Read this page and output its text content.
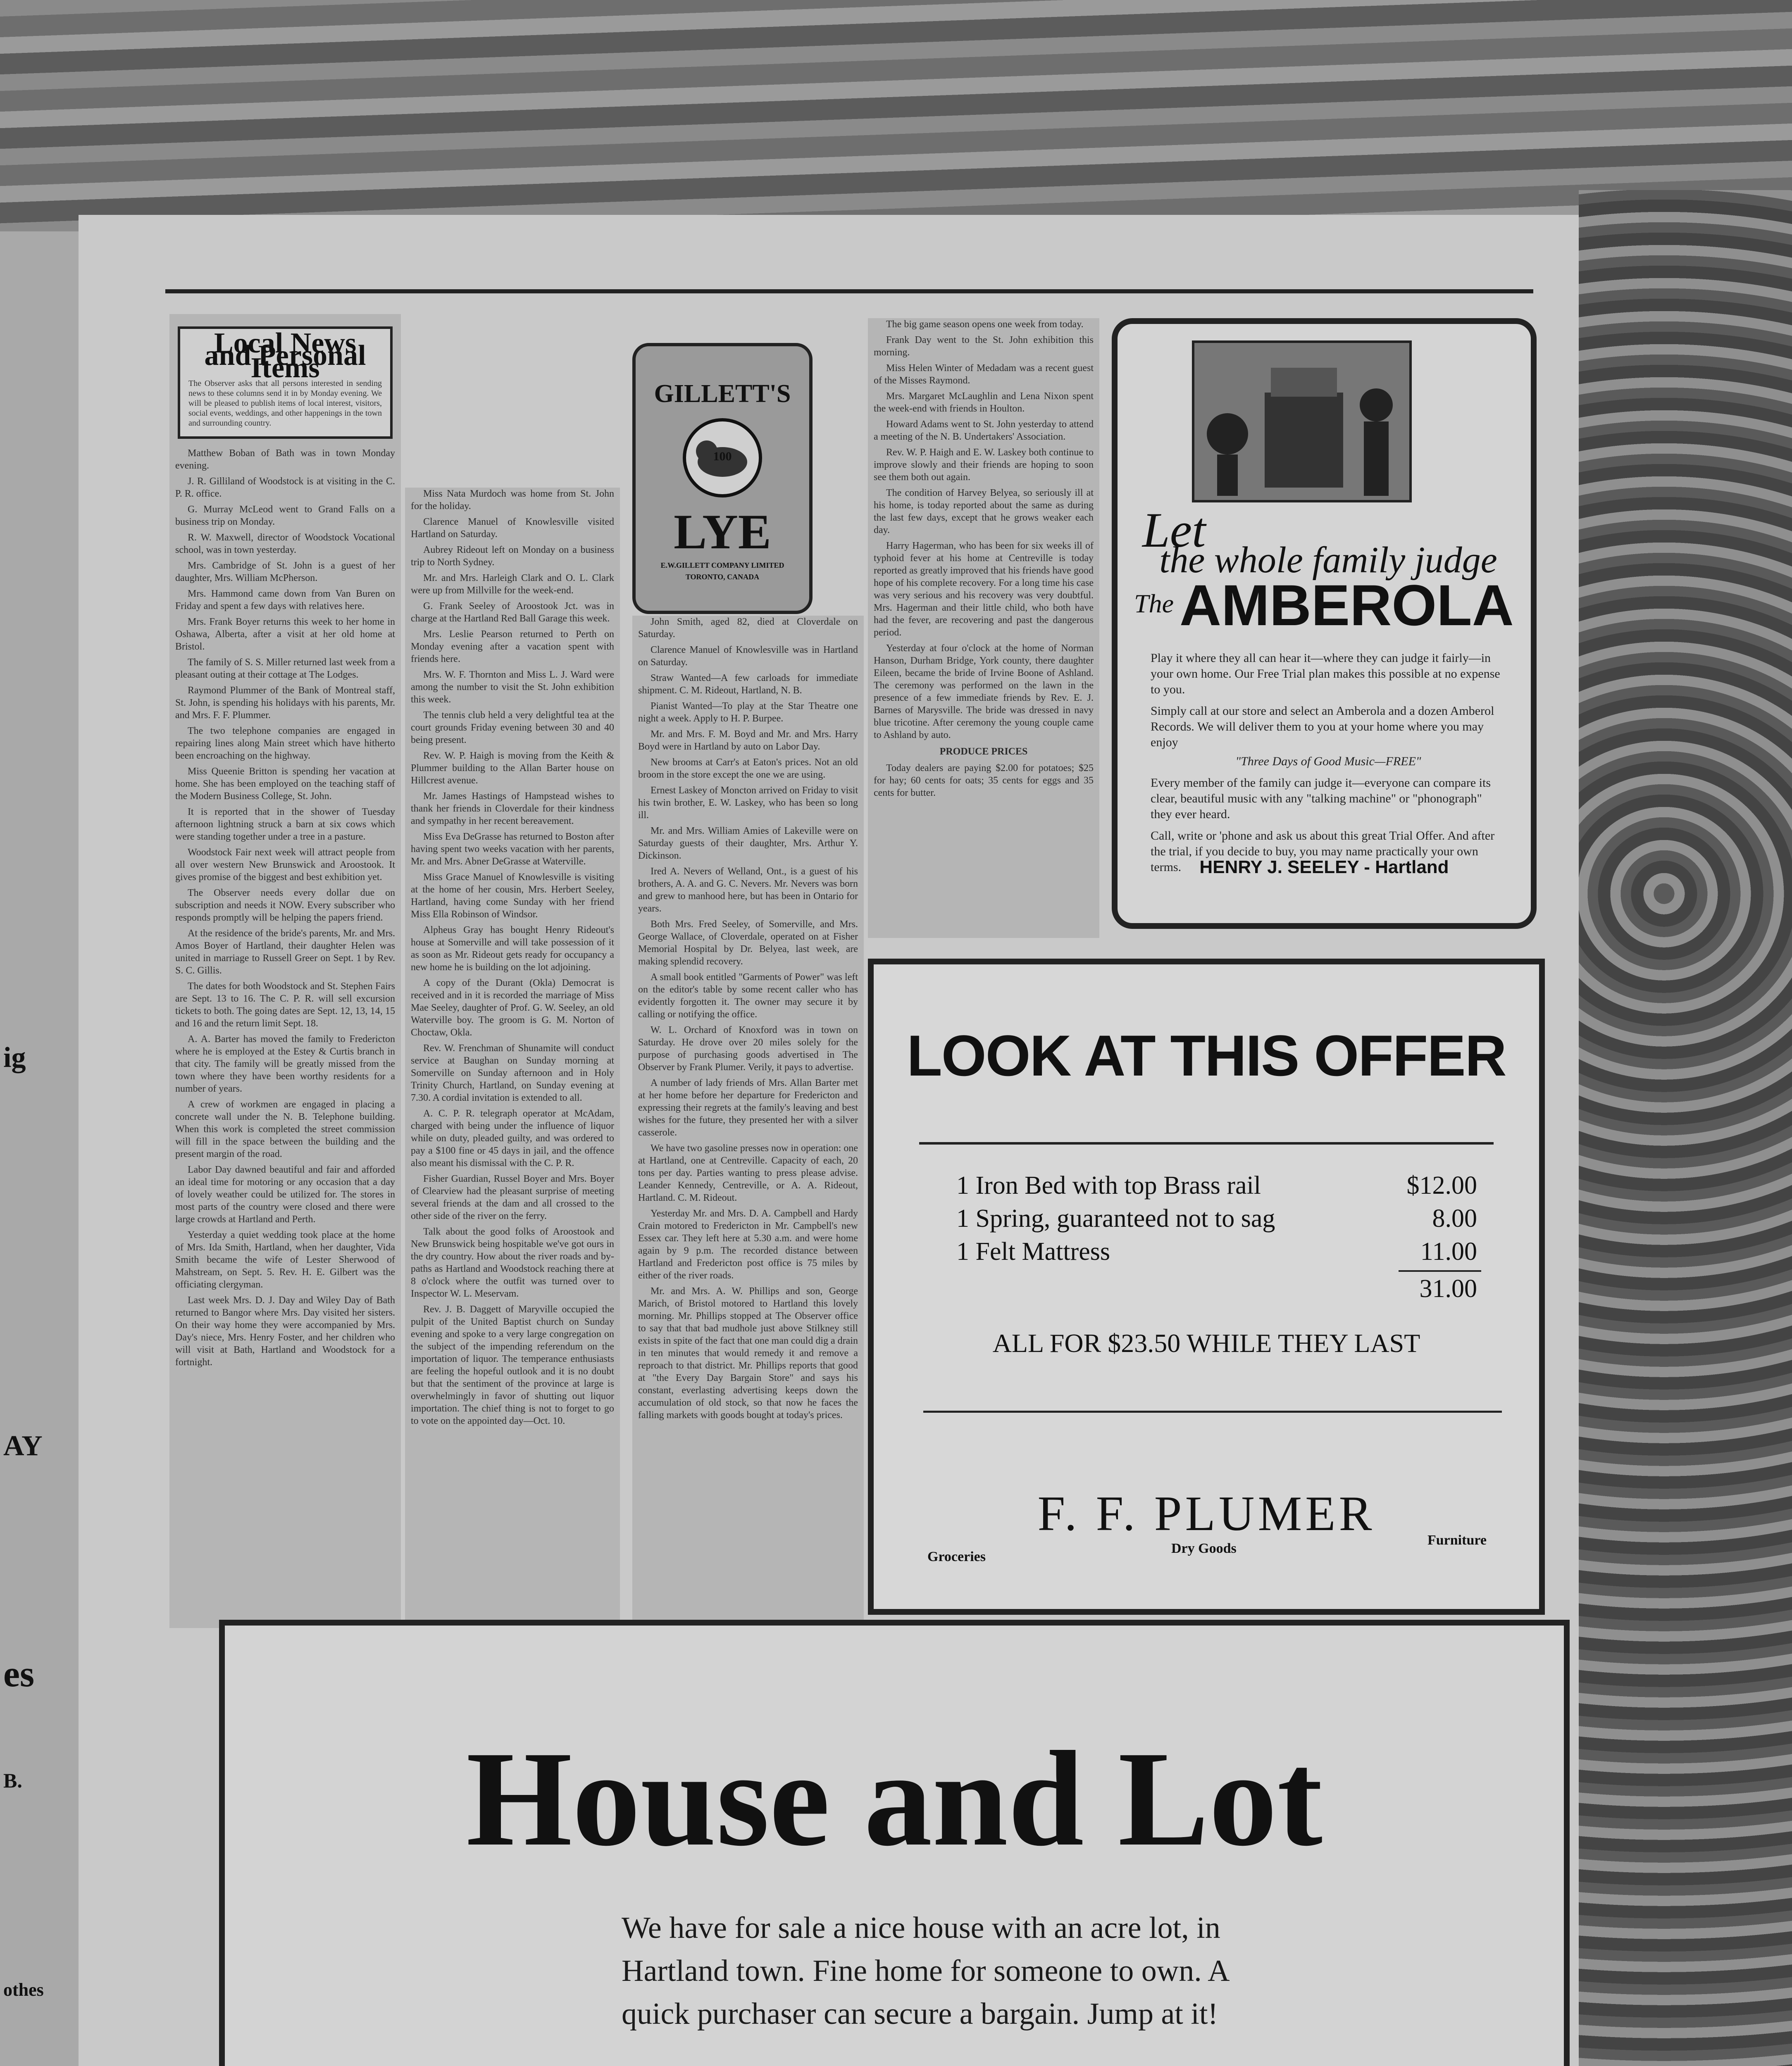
ig
AY
es
B.
othes
Local News and Personal Items
The Observer asks that all persons interested in sending news to these columns send it in by Monday evening. We will be pleased to publish items of local interest, visitors, social events, weddings, and other happenings in the town and surrounding country.

Matthew Boban of Bath was in town Monday evening.

J. R. Gilliland of Woodstock is at visiting in the C. P. R. office.

G. Murray McLeod went to Grand Falls on a business trip on Monday.

R. W. Maxwell, director of Woodstock Vocational school, was in town yesterday.

Mrs. Cambridge of St. John is a guest of her daughter, Mrs. William McPherson.

Mrs. Hammond came down from Van Buren on Friday and spent a few days with relatives here.

Mrs. Frank Boyer returns this week to her home in Oshawa, Alberta, after a visit at her old home at Bristol.

The family of S. S. Miller returned last week from a pleasant outing at their cottage at The Lodges.

Raymond Plummer of the Bank of Montreal staff, St. John, is spending his holidays with his parents, Mr. and Mrs. F. F. Plummer.

The two telephone companies are engaged in repairing lines along Main street which have hitherto been encroaching on the highway.

Miss Queenie Britton is spending her vacation at home. She has been employed on the teaching staff of the Modern Business College, St. John.

It is reported that in the shower of Tuesday afternoon lightning struck a barn at six cows which were standing together under a tree in a pasture.

Woodstock Fair next week will attract people from all over western New Brunswick and Aroostook. It gives promise of the biggest and best exhibition yet.

The Observer needs every dollar due on subscription and needs it NOW. Every subscriber who responds promptly will be helping the papers friend.

At the residence of the bride's parents, Mr. and Mrs. Amos Boyer of Hartland, their daughter Helen was united in marriage to Russell Greer on Sept. 1 by Rev. S. C. Gillis.

The dates for both Woodstock and St. Stephen Fairs are Sept. 13 to 16. The C. P. R. will sell excursion tickets to both. The going dates are Sept. 12, 13, 14, 15 and 16 and the return limit Sept. 18.

A. A. Barter has moved the family to Fredericton where he is employed at the Estey & Curtis branch in that city. The family will be greatly missed from the town where they have been worthy residents for a number of years.

A crew of workmen are engaged in placing a concrete wall under the N. B. Telephone building. When this work is completed the street commission will fill in the space between the building and the present margin of the road.

Labor Day dawned beautiful and fair and afforded an ideal time for motoring or any occasion that a day of lovely weather could be utilized for. The stores in most parts of the country were closed and there were large crowds at Hartland and Perth.

Yesterday a quiet wedding took place at the home of Mrs. Ida Smith, Hartland, when her daughter, Vida Smith became the wife of Lester Sherwood of Mahstream, on Sept. 5. Rev. H. E. Gilbert was the officiating clergyman.

Last week Mrs. D. J. Day and Wiley Day of Bath returned to Bangor where Mrs. Day visited her sisters. On their way home they were accompanied by Mrs. Day's niece, Mrs. Henry Foster, and her children who will visit at Bath, Hartland and Woodstock for a fortnight.

Miss Nata Murdoch was home from St. John for the holiday.

Clarence Manuel of Knowlesville visited Hartland on Saturday.

Aubrey Rideout left on Monday on a business trip to North Sydney.

Mr. and Mrs. Harleigh Clark and O. L. Clark were up from Millville for the week-end.

G. Frank Seeley of Aroostook Jct. was in charge at the Hartland Red Ball Garage this week.

Mrs. Leslie Pearson returned to Perth on Monday evening after a vacation spent with friends here.

Mrs. W. F. Thornton and Miss L. J. Ward were among the number to visit the St. John exhibition this week.

The tennis club held a very delightful tea at the court grounds Friday evening between 30 and 40 being present.

Rev. W. P. Haigh is moving from the Keith & Plummer building to the Allan Barter house on Hillcrest avenue.

Mr. James Hastings of Hampstead wishes to thank her friends in Cloverdale for their kindness and sympathy in her recent bereavement.

Miss Eva DeGrasse has returned to Boston after having spent two weeks vacation with her parents, Mr. and Mrs. Abner DeGrasse at Waterville.

Miss Grace Manuel of Knowlesville is visiting at the home of her cousin, Mrs. Herbert Seeley, Hartland, having come Sunday with her friend Miss Ella Robinson of Windsor.

Alpheus Gray has bought Henry Rideout's house at Somerville and will take possession of it as soon as Mr. Rideout gets ready for occupancy a new home he is building on the lot adjoining.

A copy of the Durant (Okla) Democrat is received and in it is recorded the marriage of Miss Mae Seeley, daughter of Prof. G. W. Seeley, an old Waterville boy. The groom is G. M. Norton of Choctaw, Okla.

Rev. W. Frenchman of Shunamite will conduct service at Baughan on Sunday morning at Somerville on Sunday afternoon and in Holy Trinity Church, Hartland, on Sunday evening at 7.30. A cordial invitation is extended to all.

A. C. P. R. telegraph operator at McAdam, charged with being under the influence of liquor while on duty, pleaded guilty, and was ordered to pay a $100 fine or 45 days in jail, and the offence also meant his dismissal with the C. P. R.

Fisher Guardian, Russel Boyer and Mrs. Boyer of Clearview had the pleasant surprise of meeting several friends at the dam and all crossed to the other side of the river on the ferry.

Talk about the good folks of Aroostook and New Brunswick being hospitable we've got ours in the dry country. How about the river roads and by-paths as Hartland and Woodstock reaching there at 8 o'clock where the outfit was turned over to Inspector W. L. Meservam.

Rev. J. B. Daggett of Maryville occupied the pulpit of the United Baptist church on Sunday evening and spoke to a very large congregation on the subject of the impending referendum on the importation of liquor. The temperance enthusiasts are feeling the hopeful outlook and it is no doubt but that the sentiment of the province at large is overwhelmingly in favor of shutting out liquor importation. The chief thing is not to forget to go to vote on the appointed day—Oct. 10.

GILLETT'S
100
LYE
E.W.GILLETT COMPANY LIMITED
TORONTO, CANADA

John Smith, aged 82, died at Cloverdale on Saturday.

Clarence Manuel of Knowlesville was in Hartland on Saturday.

Straw Wanted—A few carloads for immediate shipment. C. M. Rideout, Hartland, N. B.

Pianist Wanted—To play at the Star Theatre one night a week. Apply to H. P. Burpee.

Mr. and Mrs. F. M. Boyd and Mr. and Mrs. Harry Boyd were in Hartland by auto on Labor Day.

New brooms at Carr's at Eaton's prices. Not an old broom in the store except the one we are using.

Ernest Laskey of Moncton arrived on Friday to visit his twin brother, E. W. Laskey, who has been so long ill.

Mr. and Mrs. William Amies of Lakeville were on Saturday guests of their daughter, Mrs. Arthur Y. Dickinson.

Ired A. Nevers of Welland, Ont., is a guest of his brothers, A. A. and G. C. Nevers. Mr. Nevers was born and grew to manhood here, but has been in Ontario for years.

Both Mrs. Fred Seeley, of Somerville, and Mrs. George Wallace, of Cloverdale, operated on at Fisher Memorial Hospital by Dr. Belyea, last week, are making splendid recovery.

A small book entitled "Garments of Power" was left on the editor's table by some recent caller who has evidently forgotten it. The owner may secure it by calling or notifying the office.

W. L. Orchard of Knoxford was in town on Saturday. He drove over 20 miles solely for the purpose of purchasing goods advertised in The Observer by Frank Plumer. Verily, it pays to advertise.

A number of lady friends of Mrs. Allan Barter met at her home before her departure for Fredericton and expressing their regrets at the family's leaving and best wishes for the future, they presented her with a silver casserole.

We have two gasoline presses now in operation: one at Hartland, one at Centreville. Capacity of each, 20 tons per day. Parties wanting to press please advise. Leander Kennedy, Centreville, or A. A. Rideout, Hartland. C. M. Rideout.

Yesterday Mr. and Mrs. D. A. Campbell and Hardy Crain motored to Fredericton in Mr. Campbell's new Essex car. They left here at 5.30 a.m. and were home again by 9 p.m. The recorded distance between Hartland and Fredericton post office is 75 miles by either of the river roads.

Mr. and Mrs. A. W. Phillips and son, George Marich, of Bristol motored to Hartland this lovely morning. Mr. Phillips stopped at The Observer office to say that that bad mudhole just above Stilkney still exists in spite of the fact that one man could dig a drain in ten minutes that would remedy it and remove a reproach to that district. Mr. Phillips reports that good at "the Every Day Bargain Store" and says his constant, everlasting advertising keeps down the accumulation of old stock, so that now he faces the falling markets with goods bought at today's prices.

The big game season opens one week from today.

Frank Day went to the St. John exhibition this morning.

Miss Helen Winter of Medadam was a recent guest of the Misses Raymond.

Mrs. Margaret McLaughlin and Lena Nixon spent the week-end with friends in Houlton.

Howard Adams went to St. John yesterday to attend a meeting of the N. B. Undertakers' Association.

Rev. W. P. Haigh and E. W. Laskey both continue to improve slowly and their friends are hoping to soon see them both out again.

The condition of Harvey Belyea, so seriously ill at his home, is today reported about the same as during the last few days, except that he grows weaker each day.

Harry Hagerman, who has been for six weeks ill of typhoid fever at his home at Centreville is today reported as greatly improved that his friends have good hope of his complete recovery. For a long time his case was very serious and his recovery was very doubtful. Mrs. Hagerman and their little child, who both have had the fever, are recovering and past the dangerous period.

Yesterday at four o'clock at the home of Norman Hanson, Durham Bridge, York county, there daughter Eileen, became the bride of Irvine Boone of Ashland. The ceremony was performed on the lawn in the presence of a few immediate friends by Rev. E. J. Barnes of Marysville. The bride was dressed in navy blue tricotine. After ceremony the young couple came to Ashland by auto.

PRODUCE PRICES

Today dealers are paying $2.00 for potatoes; $25 for hay; 60 cents for oats; 35 cents for eggs and 35 cents for butter.

Let
the whole family judge
The AMBEROLA
Play it where they all can hear it—where they can judge it fairly—in your own home. Our Free Trial plan makes this possible at no expense to you.
Simply call at our store and select an Amberola and a dozen Amberol Records. We will deliver them to you at your home where you may enjoy
"Three Days of Good Music—FREE"
Every member of the family can judge it—everyone can compare its clear, beautiful music with any "talking machine" or "phonograph" they ever heard.
Call, write or 'phone and ask us about this great Trial Offer. And after the trial, if you decide to buy, you may name practically your own terms.	HENRY J. SEELEY - Hartland
LOOK AT THIS OFFER
1 Iron Bed with top Brass rail	$12.00
1 Spring, guaranteed not to sag	8.00
1 Felt Mattress	11.00
31.00
ALL FOR $23.50 WHILE THEY LAST
F. F. PLUMER
Groceries
Dry Goods
Furniture
House and Lot
We have for sale a nice house with an acre lot, in Hartland town. Fine home for someone to own. A quick purchaser can secure a bargain. Jump at it!
